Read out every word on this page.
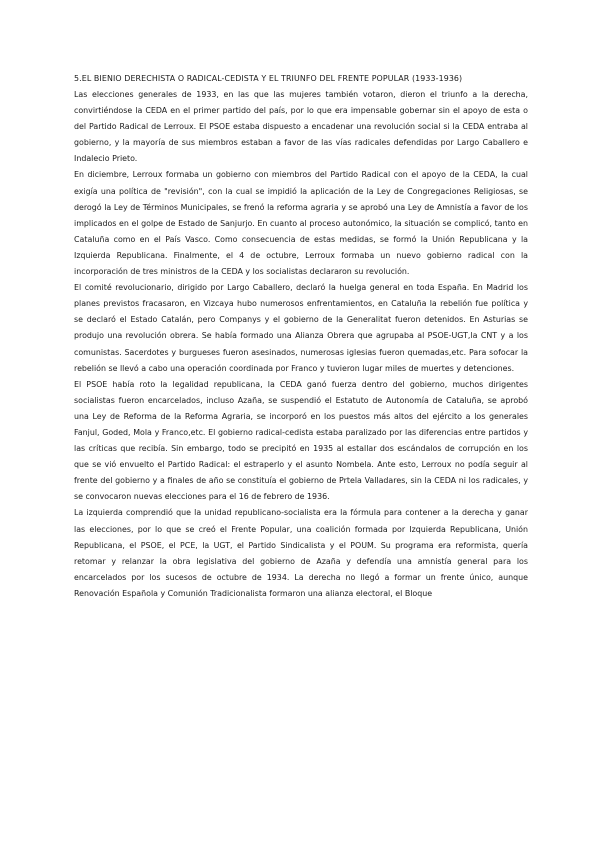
5.EL BIENIO DERECHISTA O RADICAL-CEDISTA Y EL TRIUNFO DEL FRENTE POPULAR (1933-1936)

Las elecciones generales de 1933, en las que las mujeres también votaron, dieron el triunfo a la derecha, convirtiéndose la CEDA en el primer partido del país, por lo que era impensable gobernar sin el apoyo de esta o del Partido Radical de Lerroux. El PSOE estaba dispuesto a encadenar una revolución social si la CEDA entraba al gobierno, y la mayoría de sus miembros estaban a favor de las vías radicales defendidas por Largo Caballero e Indalecio Prieto.

En diciembre, Lerroux formaba un gobierno con miembros del Partido Radical con el apoyo de la CEDA, la cual exigía una política de "revisión", con la cual se impidió la aplicación de la Ley de Congregaciones Religiosas, se derogó la Ley de Términos Municipales, se frenó la reforma agraria y se aprobó una Ley de Amnistía a favor de los implicados en el golpe de Estado de Sanjurjo. En cuanto al proceso autonómico, la situación se complicó, tanto en Cataluña como en el País Vasco. Como consecuencia de estas medidas, se formó la Unión Republicana y la Izquierda Republicana. Finalmente, el 4 de octubre, Lerroux formaba un nuevo gobierno radical con la incorporación de tres ministros de la CEDA y los socialistas declararon su revolución.

El comité revolucionario, dirigido por Largo Caballero, declaró la huelga general en toda España. En Madrid los planes previstos fracasaron, en Vizcaya hubo numerosos enfrentamientos, en Cataluña la rebelión fue política y se declaró el Estado Catalán, pero Companys y el gobierno de la Generalitat fueron detenidos. En Asturias se produjo una revolución obrera. Se había formado una Alianza Obrera que agrupaba al PSOE-UGT,la CNT y a los comunistas. Sacerdotes y burgueses fueron asesinados, numerosas iglesias fueron quemadas,etc. Para sofocar la rebelión se llevó a cabo una operación coordinada por Franco y tuvieron lugar miles de muertes y detenciones.

El PSOE había roto la legalidad republicana, la CEDA ganó fuerza dentro del gobierno, muchos dirigentes socialistas fueron encarcelados, incluso Azaña, se suspendió el Estatuto de Autonomía de Cataluña, se aprobó una Ley de Reforma de la Reforma Agraria, se incorporó en los puestos más altos del ejército a los generales Fanjul, Goded, Mola y Franco,etc. El gobierno radical-cedista estaba paralizado por las diferencias entre partidos y las críticas que recibía. Sin embargo, todo se precipitó en 1935 al estallar dos escándalos de corrupción en los que se vió envuelto el Partido Radical: el estraperlo y el asunto Nombela. Ante esto, Lerroux no podía seguir al frente del gobierno y a finales de año se constituía el gobierno de Prtela Valladares, sin la CEDA ni los radicales, y se convocaron nuevas elecciones para el 16 de febrero de 1936.

La izquierda comprendió que la unidad republicano-socialista era la fórmula para contener a la derecha y ganar las elecciones, por lo que se creó el Frente Popular, una coalición formada por Izquierda Republicana, Unión Republicana, el PSOE, el PCE, la UGT, el Partido Sindicalista y el POUM. Su programa era reformista, quería retomar y relanzar la obra legislativa del gobierno de Azaña y defendía una amnistía general para los encarcelados por los sucesos de octubre de 1934. La derecha no llegó a formar un frente único, aunque Renovación Española y Comunión Tradicionalista formaron una alianza electoral, el Bloque
